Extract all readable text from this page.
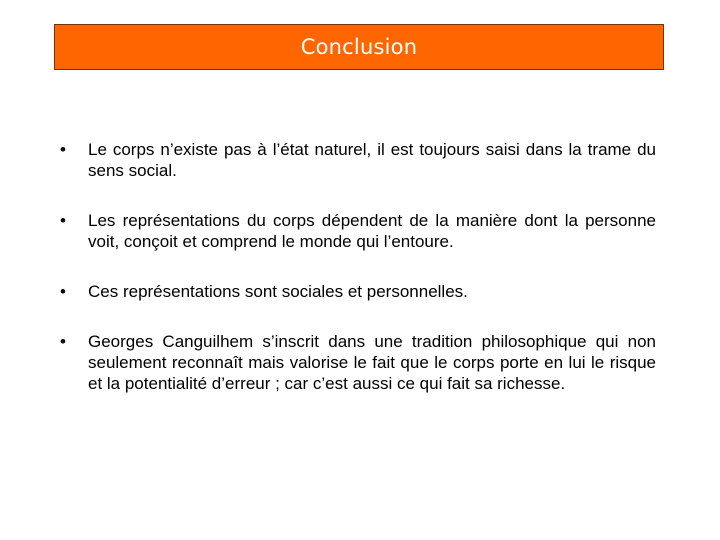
Conclusion
• Le corps n’existe pas à l’état naturel, il est toujours saisi dans la trame du sens social.
• Les représentations du corps dépendent de la manière dont la personne voit, conçoit et comprend le monde qui l’entoure.
• Ces représentations sont sociales et personnelles.
• Georges Canguilhem s’inscrit dans une tradition philosophique qui non seulement reconnaît mais valorise le fait que le corps porte en lui le risque et la potentialité d’erreur ; car c’est aussi ce qui fait sa richesse.
